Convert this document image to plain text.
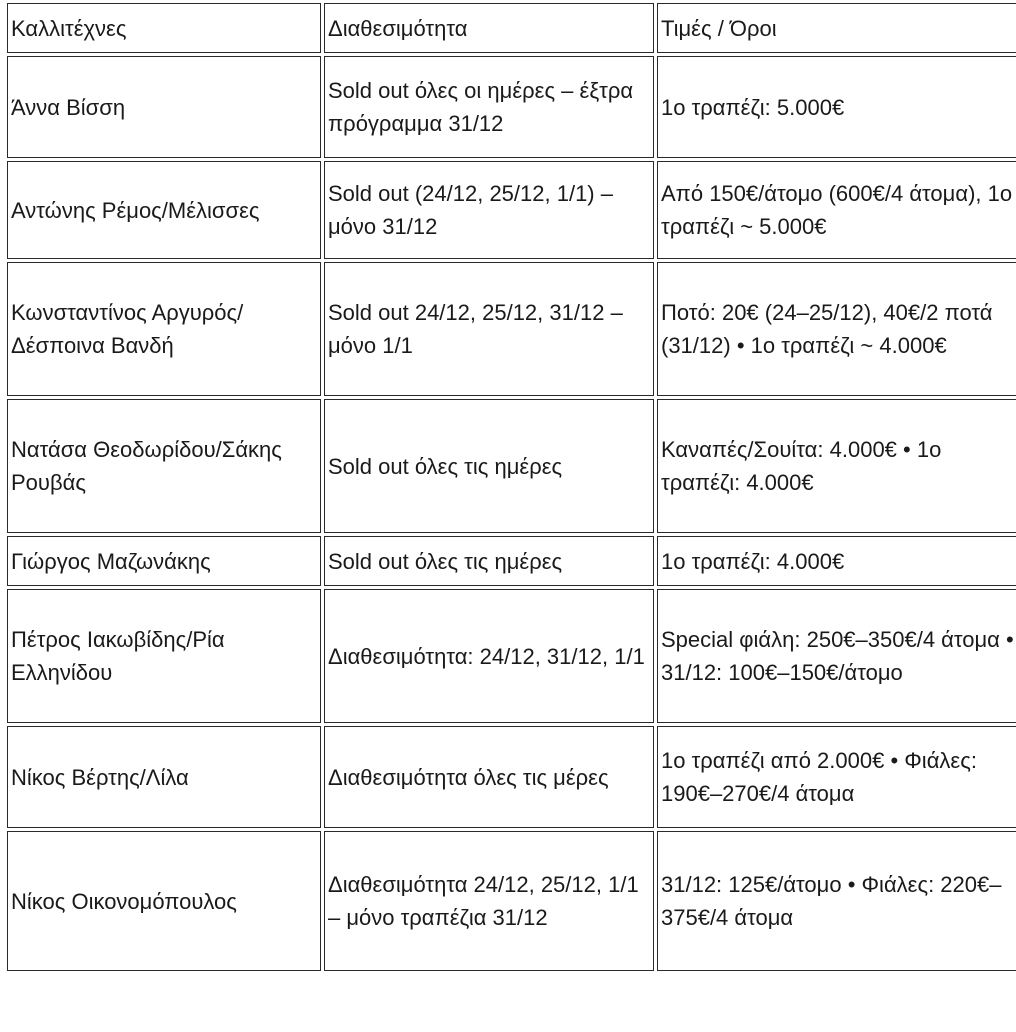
Καλλιτέχνες	Διαθεσιμότητα	Τιμές / Όροι
Άννα Βίσση	Sold out όλες οι ημέρες – έξτρα πρόγραμμα 31/12	1ο τραπέζι: 5.000€
Αντώνης Ρέμος/Μέλισσες	Sold out (24/12, 25/12, 1/1) – μόνο 31/12	Από 150€/άτομο (600€/4 άτομα), 1ο τραπέζι ~ 5.000€
Κωνσταντίνος Αργυρός/Δέσποινα Βανδή	Sold out 24/12, 25/12, 31/12 – μόνο 1/1	Ποτό: 20€ (24–25/12), 40€/2 ποτά (31/12) • 1ο τραπέζι ~ 4.000€
Νατάσα Θεοδωρίδου/Σάκης Ρουβάς	Sold out όλες τις ημέρες	Καναπές/Σουίτα: 4.000€ • 1ο τραπέζι: 4.000€
Γιώργος Μαζωνάκης	Sold out όλες τις ημέρες	1ο τραπέζι: 4.000€
Πέτρος Ιακωβίδης/Ρία Ελληνίδου	Διαθεσιμότητα: 24/12, 31/12, 1/1	Special φιάλη: 250€–350€/4 άτομα • 31/12: 100€–150€/άτομο
Νίκος Βέρτης/Λίλα	Διαθεσιμότητα όλες τις μέρες	1ο τραπέζι από 2.000€ • Φιάλες: 190€–270€/4 άτομα
Νίκος Οικονομόπουλος	Διαθεσιμότητα 24/12, 25/12, 1/1 – μόνο τραπέζια 31/12	31/12: 125€/άτομο • Φιάλες: 220€–375€/4 άτομα
